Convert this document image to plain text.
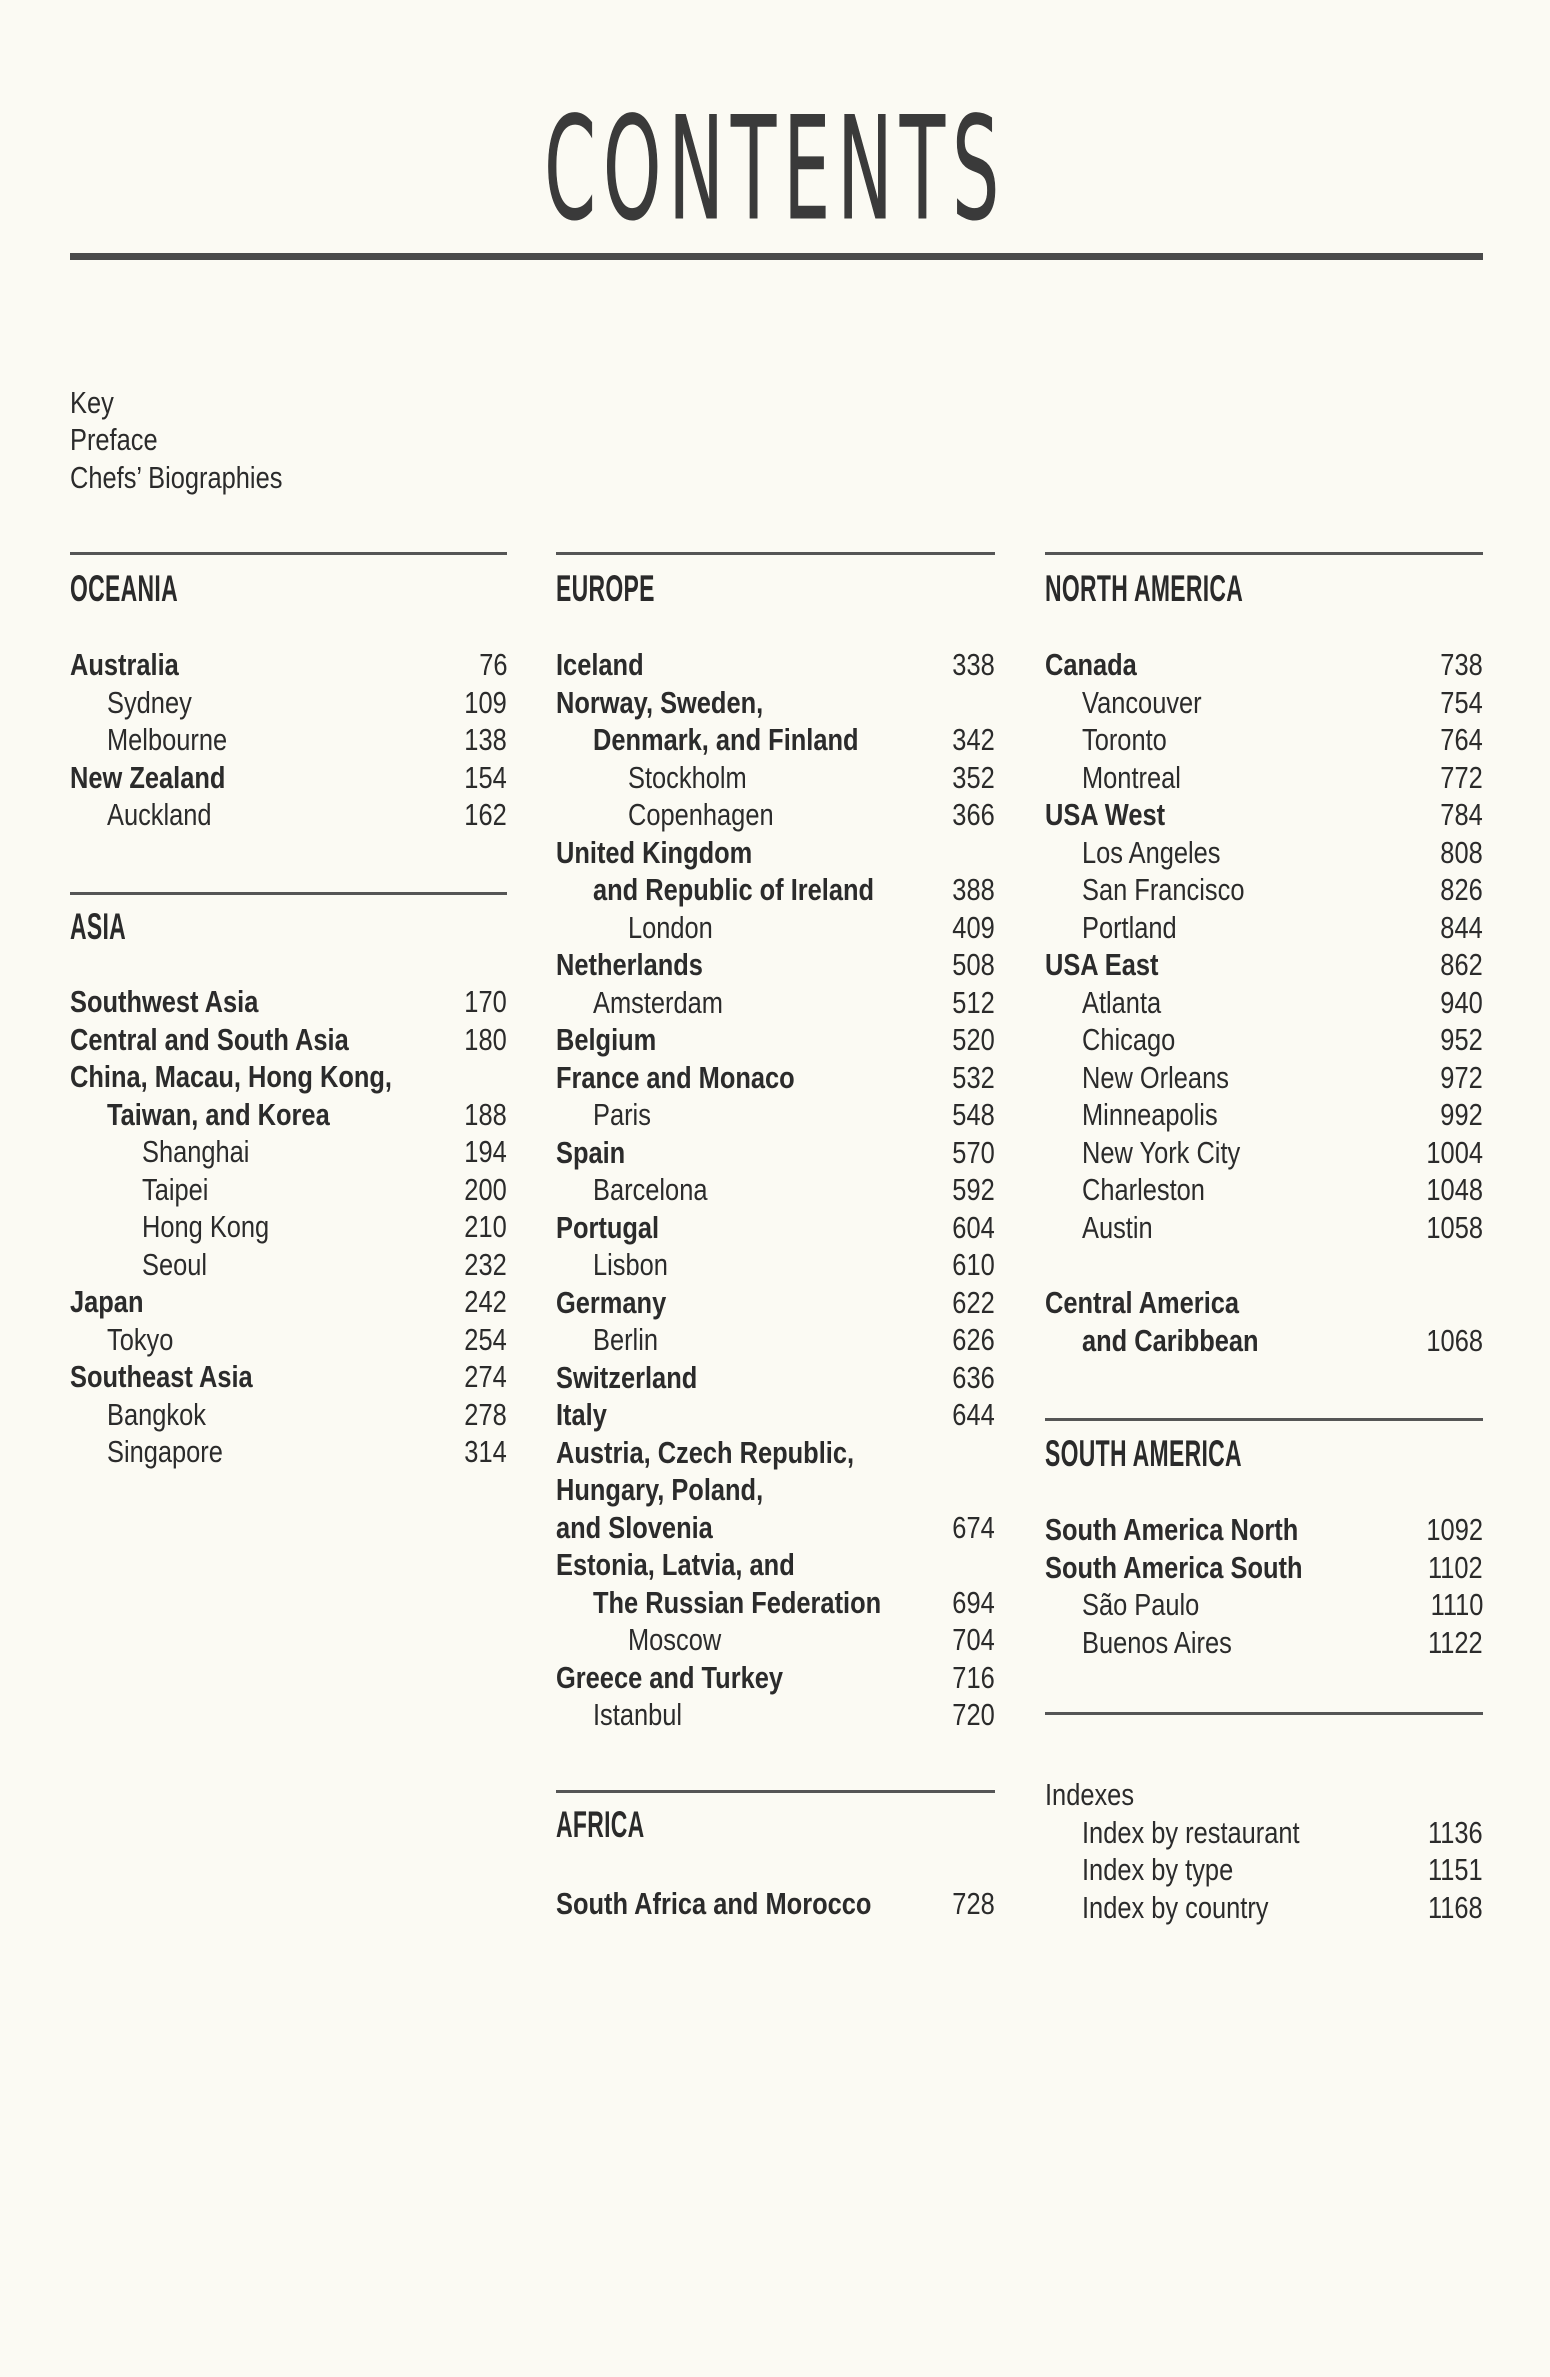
CONTENTS
Key
Preface
Chefs’ Biographies
OCEANIA
Australia	76
Sydney	109
Melbourne	138
New Zealand	154
Auckland	162
ASIA
Southwest Asia	170
Central and South Asia	180
China, Macau, Hong Kong,
Taiwan, and Korea	188
Shanghai	194
Taipei	200
Hong Kong	210
Seoul	232
Japan	242
Tokyo	254
Southeast Asia	274
Bangkok	278
Singapore	314
EUROPE
Iceland	338
Norway, Sweden,
Denmark, and Finland	342
Stockholm	352
Copenhagen	366
United Kingdom
and Republic of Ireland	388
London	409
Netherlands	508
Amsterdam	512
Belgium	520
France and Monaco	532
Paris	548
Spain	570
Barcelona	592
Portugal	604
Lisbon	610
Germany	622
Berlin	626
Switzerland	636
Italy	644
Austria, Czech Republic,
Hungary, Poland,
and Slovenia	674
Estonia, Latvia, and
The Russian Federation 694
Moscow	704
Greece and Turkey	716
Istanbul	720
AFRICA
South Africa and Morocco	728
NORTH AMERICA
Canada	738
Vancouver	754
Toronto	764
Montreal	772
USA West	784
Los Angeles	808
San Francisco	826
Portland	844
USA East	862
Atlanta	940
Chicago	952
New Orleans	972
Minneapolis	992
New York City	1004
Charleston	1048
Austin	1058
Central America
and Caribbean	1068
SOUTH AMERICA
South America North	1092
South America South	1102
São Paulo	1110
Buenos Aires	1122
Indexes
Index by restaurant	1136
Index by type	1151
Index by country	1168
